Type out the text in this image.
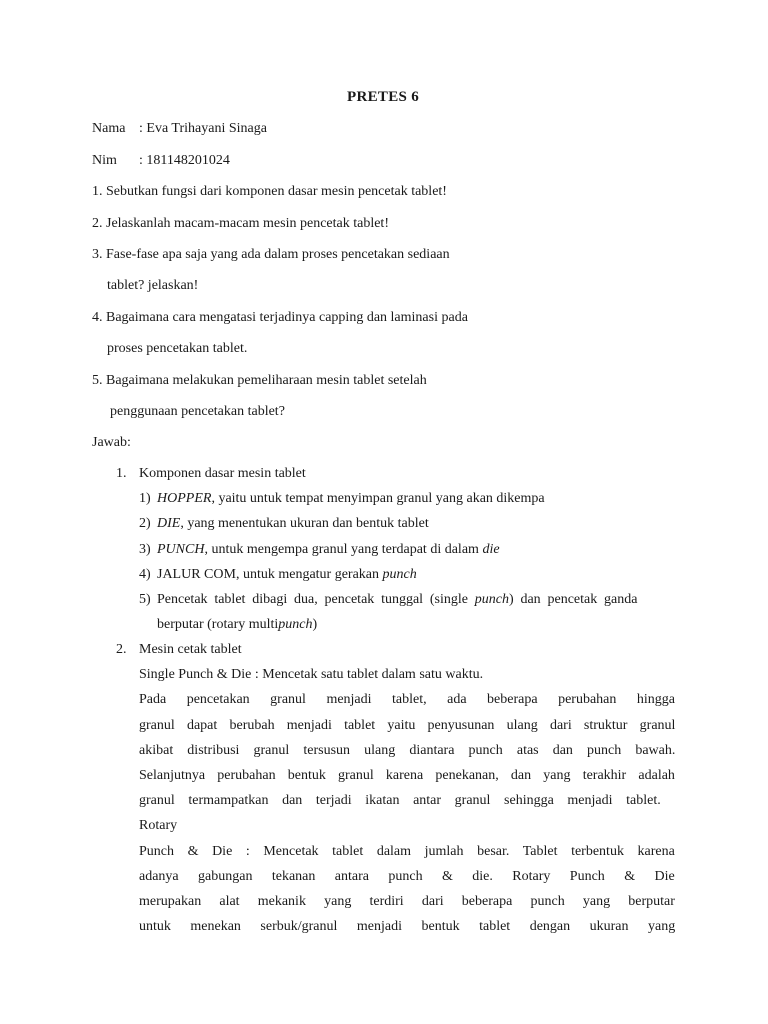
PRETES 6
Nama : Eva Trihayani Sinaga
Nim : 181148201024
1. Sebutkan fungsi dari komponen dasar mesin pencetak tablet!
2. Jelaskanlah macam-macam mesin pencetak tablet!
3. Fase-fase apa saja yang ada dalam proses pencetakan sediaan
tablet? jelaskan!
4. Bagaimana cara mengatasi terjadinya capping dan laminasi pada
proses pencetakan tablet.
5. Bagaimana melakukan pemeliharaan mesin tablet setelah
penggunaan pencetakan tablet?
Jawab:
1. Komponen dasar mesin tablet
1) HOPPER, yaitu untuk tempat menyimpan granul yang akan dikempa
2) DIE, yang menentukan ukuran dan bentuk tablet
3) PUNCH, untuk mengempa granul yang terdapat di dalam die
4) JALUR COM, untuk mengatur gerakan punch
5) Pencetak tablet dibagi dua, pencetak tunggal (single punch) dan pencetak ganda
berputar (rotary multipunch)
2. Mesin cetak tablet
Single Punch & Die : Mencetak satu tablet dalam satu waktu.
Pada pencetakan granul menjadi tablet, ada beberapa perubahan hingga
granul dapat berubah menjadi tablet yaitu penyusunan ulang dari struktur granul
akibat distribusi granul tersusun ulang diantara punch atas dan punch bawah.
Selanjutnya perubahan bentuk granul karena penekanan, dan yang terakhir adalah
granul termampatkan dan terjadi ikatan antar granul sehingga menjadi tablet.
Rotary
Punch & Die : Mencetak tablet dalam jumlah besar. Tablet terbentuk karena
adanya gabungan tekanan antara punch & die. Rotary Punch & Die
merupakan alat mekanik yang terdiri dari beberapa punch yang berputar
untuk menekan serbuk/granul menjadi bentuk tablet dengan ukuran yang
